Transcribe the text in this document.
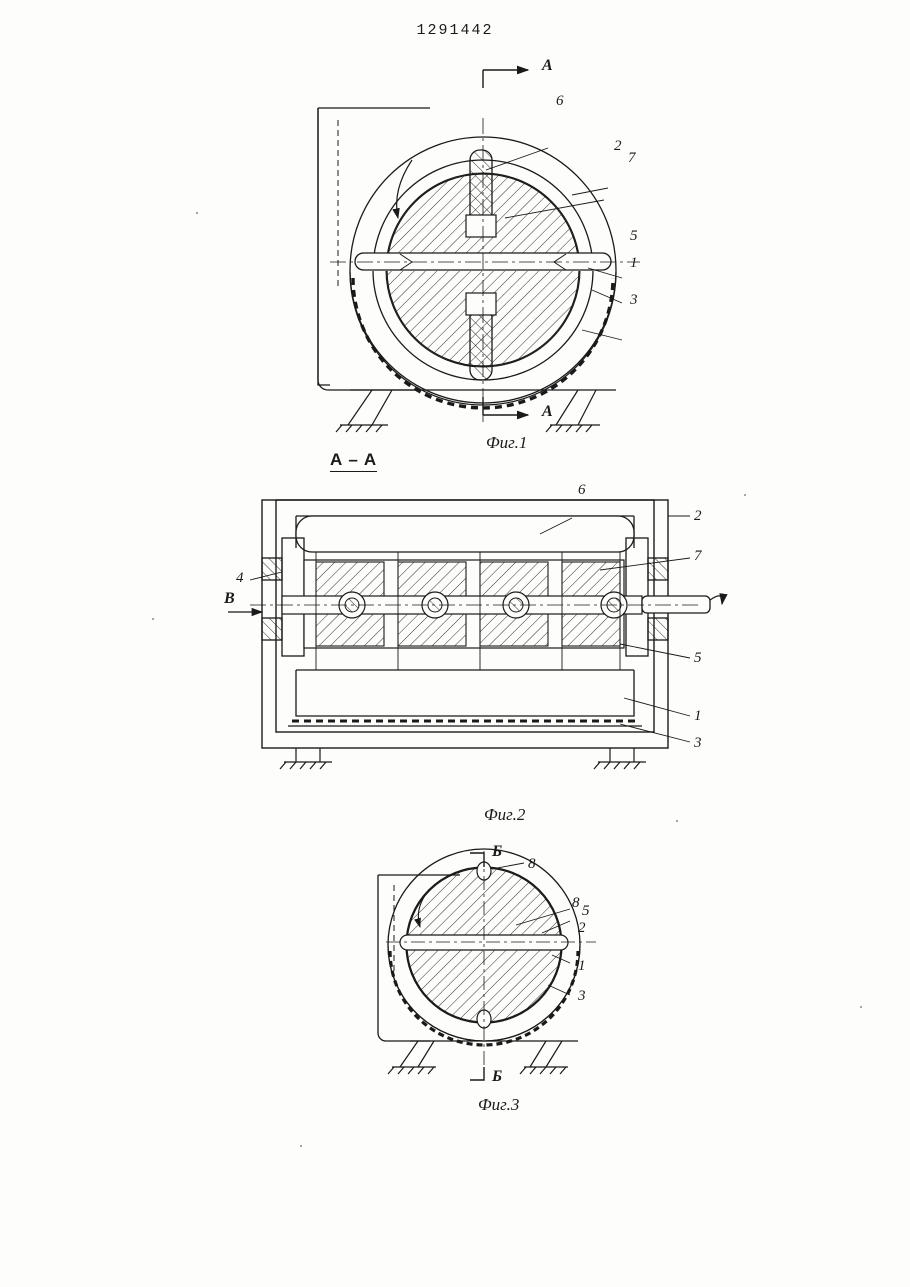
1291442
A
A
6
2
7
5
1
3
Фиг.1
A – A
B
6
2
7
4
5
1
3
Фиг.2
Б
Б
8
8 5
2
1
3
Фиг.3
